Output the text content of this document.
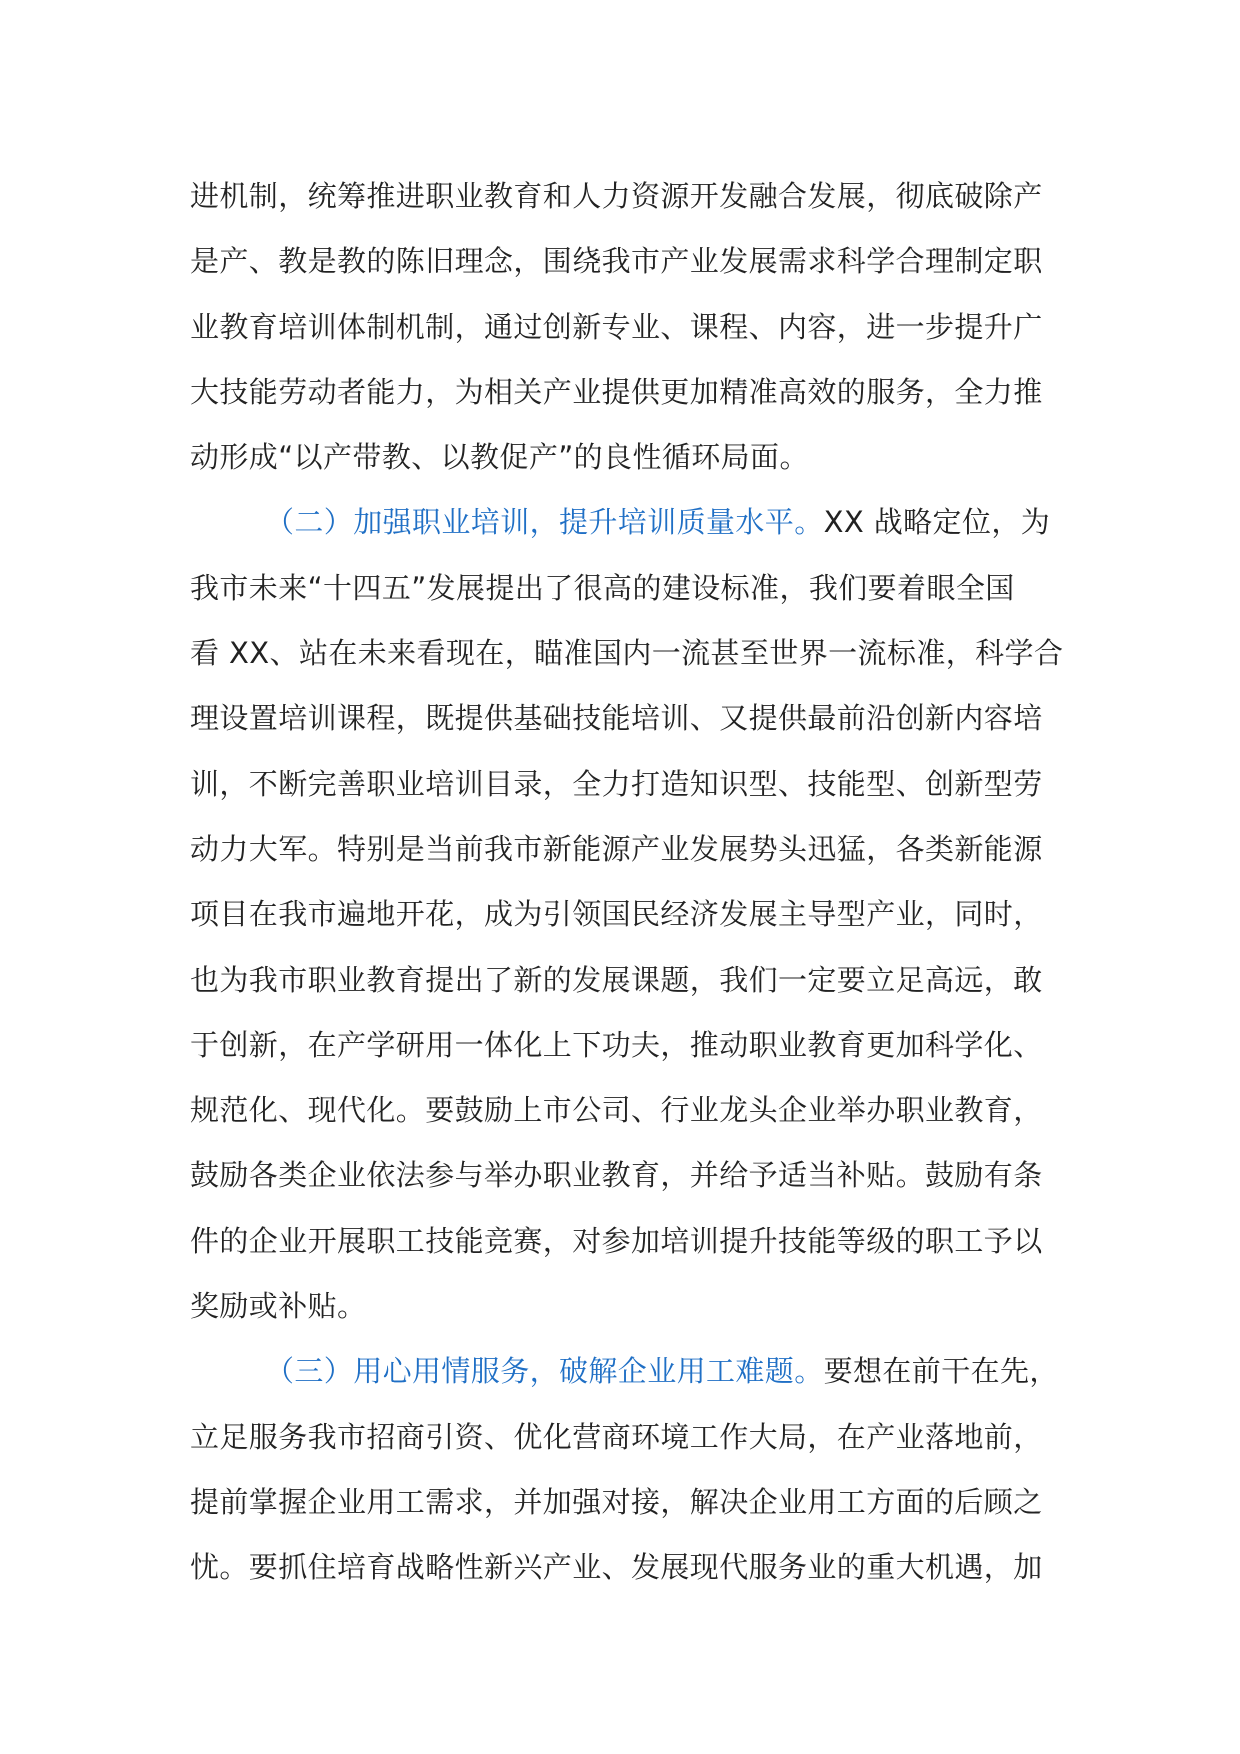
进机制，统筹推进职业教育和人力资源开发融合发展，彻底破除产
是产、教是教的陈旧理念，围绕我市产业发展需求科学合理制定职
业教育培训体制机制，通过创新专业、课程、内容，进一步提升广
大技能劳动者能力，为相关产业提供更加精准高效的服务，全力推
动形成“以产带教、以教促产”的良性循环局面。
（二）加强职业培训，提升培训质量水平。XX 战略定位，为
我市未来“十四五”发展提出了很高的建设标准，我们要着眼全国
看 XX、站在未来看现在，瞄准国内一流甚至世界一流标准，科学合
理设置培训课程，既提供基础技能培训、又提供最前沿创新内容培
训，不断完善职业培训目录，全力打造知识型、技能型、创新型劳
动力大军。特别是当前我市新能源产业发展势头迅猛，各类新能源
项目在我市遍地开花，成为引领国民经济发展主导型产业，同时，
也为我市职业教育提出了新的发展课题，我们一定要立足高远，敢
于创新，在产学研用一体化上下功夫，推动职业教育更加科学化、
规范化、现代化。要鼓励上市公司、行业龙头企业举办职业教育，
鼓励各类企业依法参与举办职业教育，并给予适当补贴。鼓励有条
件的企业开展职工技能竞赛，对参加培训提升技能等级的职工予以
奖励或补贴。
（三）用心用情服务，破解企业用工难题。要想在前干在先，
立足服务我市招商引资、优化营商环境工作大局，在产业落地前，
提前掌握企业用工需求，并加强对接，解决企业用工方面的后顾之
忧。要抓住培育战略性新兴产业、发展现代服务业的重大机遇，加
